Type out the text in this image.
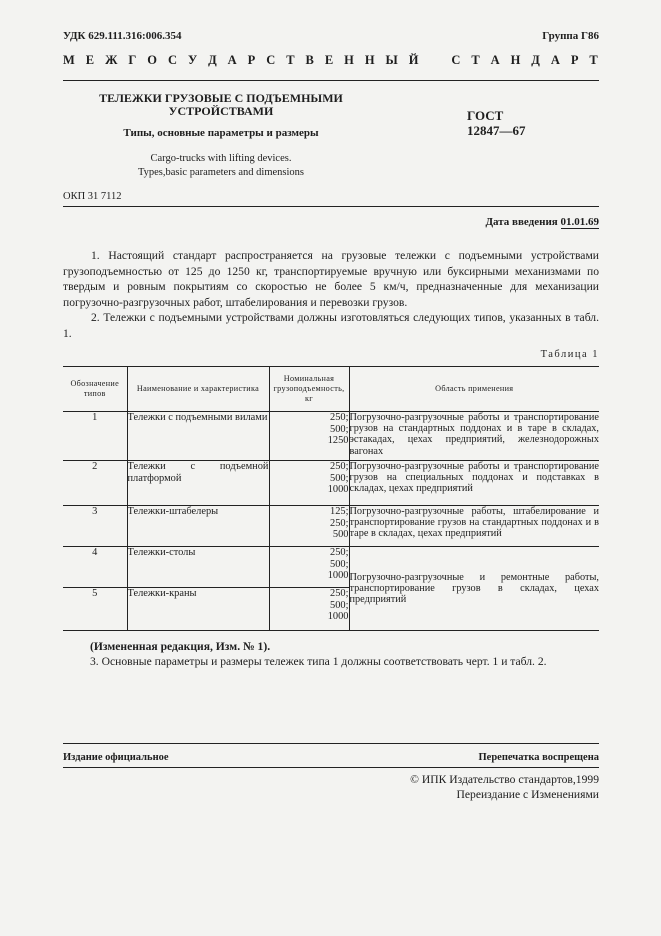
УДК 629.111.316:006.354	Группа Г86
М Е Ж Г О С У Д А Р С Т В Е Н Н Ы Й	С Т А Н Д А Р Т
ТЕЛЕЖКИ ГРУЗОВЫЕ С ПОДЪЕМНЫМИ УСТРОЙСТВАМИ
Типы, основные параметры и размеры
Cargo-trucks with lifting devices.
Types,basic parameters and dimensions
ГОСТ
12847—67
ОКП 31 7112
Дата введения 01.01.69
1. Настоящий стандарт распространяется на грузовые тележки с подъемными устройствами грузоподъемностью от 125 до 1250 кг, транспортируемые вручную или буксирными механизмами по твердым и ровным покрытиям со скоростью не более 5 км/ч, предназначенные для механизации погрузочно-разгрузочных работ, штабелирования и перевозки грузов.
2. Тележки с подъемными устройствами должны изготовляться следующих типов, указанных в табл. 1.
Таблица 1
Обозначение типов	Наименование и характеристика	Номинальная грузоподъемность, кг	Область применения
1	Тележки с подъемными вилами	250;
500;
1250	Погрузочно-разгрузочные работы и транспортирование грузов на стандартных поддонах и в таре в складах, эстакадах, цехах предприятий, железнодорожных вагонах
2	Тележки с подъемной платформой	250;
500;
1000	Погрузочно-разгрузочные работы и транспортирование грузов на специальных поддонах и подставках в складах, цехах предприятий
3	Тележки-штабелеры	125;
250;
500	Погрузочно-разгрузочные работы, штабелирование и транспортирование грузов на стандартных поддонах и в таре в складах, цехах предприятий
4	Тележки-столы	250;
500;
1000	Погрузочно-разгрузочные и ремонтные работы, транспортирование грузов в складах, цехах предприятий
5	Тележки-краны	250;
500;
1000	
(Измененная редакция, Изм. № 1).
3. Основные параметры и размеры тележек типа 1 должны соответствовать черт. 1 и табл. 2.
Издание официальное	Перепечатка воспрещена
© ИПК Издательство стандартов,1999
Переиздание с Изменениями
